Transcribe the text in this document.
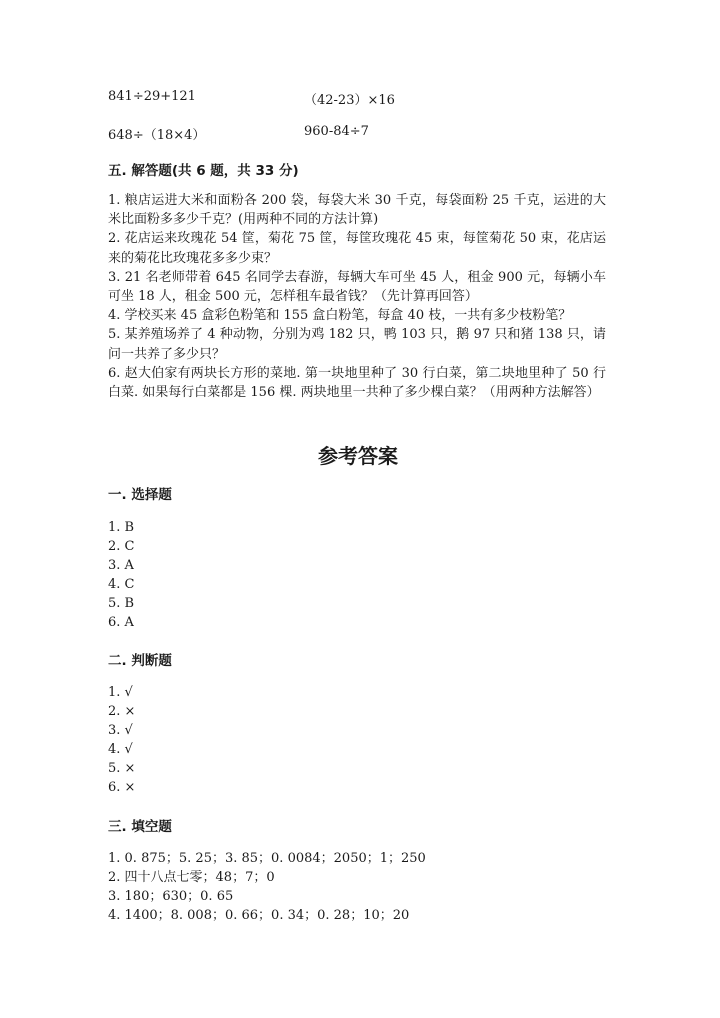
841÷29+121	（42-23）×16
648÷（18×4）	960-84÷7
五. 解答题(共 6 题，共 33 分)

1. 粮店运进大米和面粉各 200 袋，每袋大米 30 千克，每袋面粉 25 千克，运进的大米比面粉多多少千克？(用两种不同的方法计算)

2. 花店运来玫瑰花 54 筐，菊花 75 筐，每筐玫瑰花 45 束，每筐菊花 50 束，花店运来的菊花比玫瑰花多多少束？

3. 21 名老师带着 645 名同学去春游，每辆大车可坐 45 人，租金 900 元，每辆小车可坐 18 人，租金 500 元，怎样租车最省钱？（先计算再回答）

4. 学校买来 45 盒彩色粉笔和 155 盒白粉笔，每盒 40 枝，一共有多少枝粉笔？

5. 某养殖场养了 4 种动物，分别为鸡 182 只，鸭 103 只，鹅 97 只和猪 138 只，请问一共养了多少只？

6. 赵大伯家有两块长方形的菜地. 第一块地里种了 30 行白菜，第二块地里种了 50 行白菜. 如果每行白菜都是 156 棵. 两块地里一共种了多少棵白菜？（用两种方法解答）

参考答案
一. 选择题
1. B
2. C
3. A
4. C
5. B
6. A
二. 判断题
1. √
2. ×
3. √
4. √
5. ×
6. ×
三. 填空题
1. 0. 875；5. 25；3. 85；0. 0084；2050；1；250
2. 四十八点七零；48；7；0
3. 180；630；0. 65
4. 1400；8. 008；0. 66；0. 34；0. 28；10；20
